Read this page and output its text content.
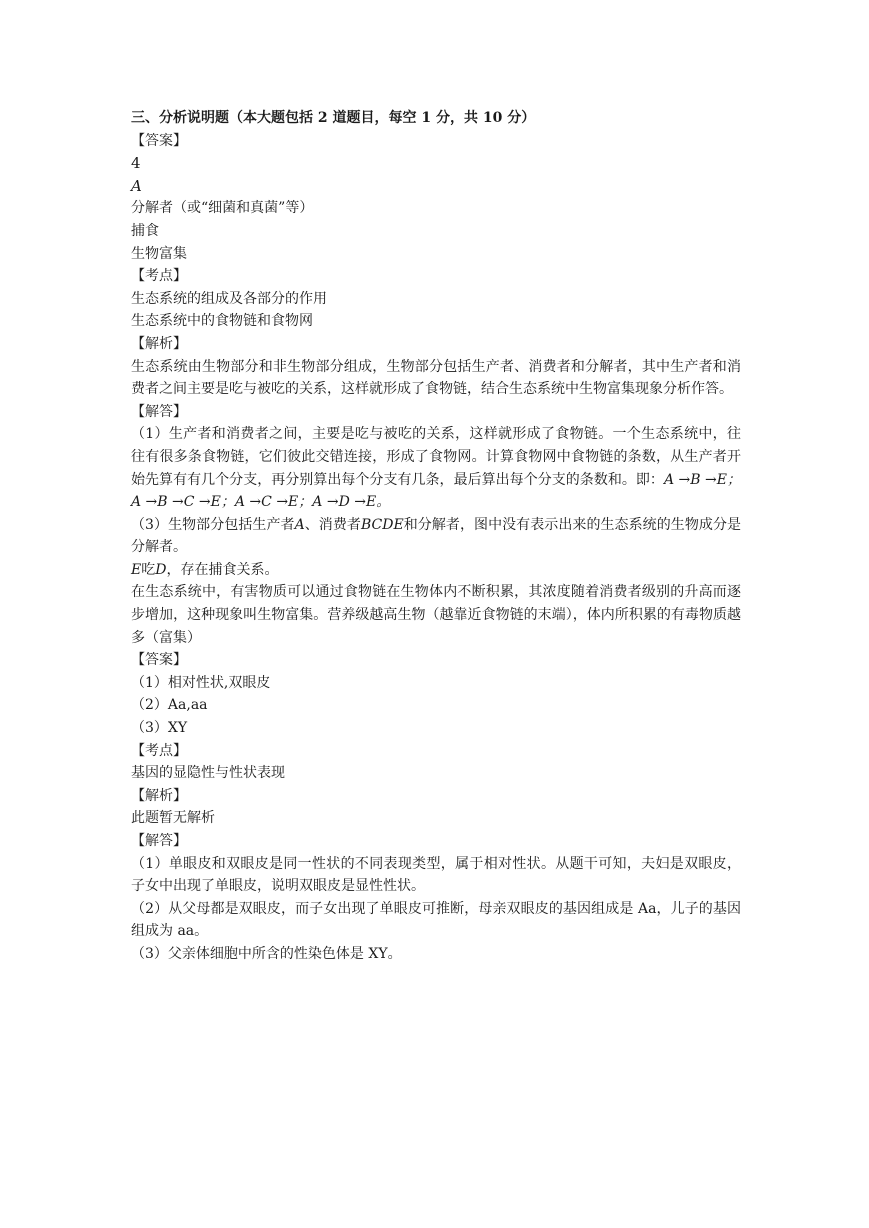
三、分析说明题（本大题包括 2 道题目，每空 1 分，共 10 分）

【答案】

4

A

分解者（或“细菌和真菌”等）

捕食

生物富集

【考点】

生态系统的组成及各部分的作用

生态系统中的食物链和食物网

【解析】

生态系统由生物部分和非生物部分组成，生物部分包括生产者、消费者和分解者，其中生产者和消费者之间主要是吃与被吃的关系，这样就形成了食物链，结合生态系统中生物富集现象分析作答。

【解答】

（1）生产者和消费者之间，主要是吃与被吃的关系，这样就形成了食物链。一个生态系统中，往往有很多条食物链，它们彼此交错连接，形成了食物网。计算食物网中食物链的条数，从生产者开始先算有有几个分支，再分别算出每个分支有几条，最后算出每个分支的条数和。即：A →B →E；A →B →C →E；A →C →E；A →D →E。

（3）生物部分包括生产者A、消费者BCDE和分解者，图中没有表示出来的生态系统的生物成分是分解者。

E吃D，存在捕食关系。

在生态系统中，有害物质可以通过食物链在生物体内不断积累，其浓度随着消费者级别的升高而逐步增加，这种现象叫生物富集。营养级越高生物（越靠近食物链的末端），体内所积累的有毒物质越多（富集）

【答案】

（1）相对性状,双眼皮

（2）Aa,aa

（3）XY

【考点】

基因的显隐性与性状表现

【解析】

此题暂无解析

【解答】

（1）单眼皮和双眼皮是同一性状的不同表现类型，属于相对性状。从题干可知，夫妇是双眼皮，子女中出现了单眼皮，说明双眼皮是显性性状。

（2）从父母都是双眼皮，而子女出现了单眼皮可推断，母亲双眼皮的基因组成是 Aa，儿子的基因组成为 aa。

（3）父亲体细胞中所含的性染色体是 XY。
